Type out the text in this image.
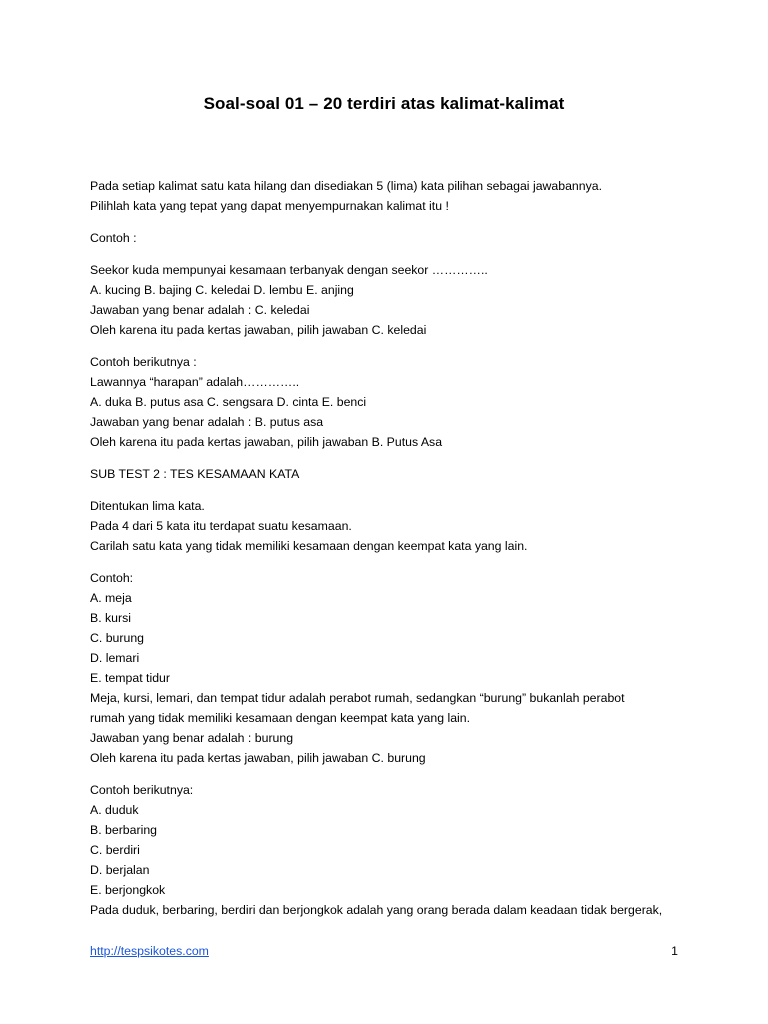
Soal-soal 01 – 20 terdiri atas kalimat-kalimat
Pada setiap kalimat satu kata hilang dan disediakan 5 (lima) kata pilihan sebagai jawabannya.
Pilihlah kata yang tepat yang dapat menyempurnakan kalimat itu !
Contoh :
Seekor kuda mempunyai kesamaan terbanyak dengan seekor …………..
A. kucing B. bajing C. keledai D. lembu E. anjing
Jawaban yang benar adalah : C. keledai
Oleh karena itu pada kertas jawaban, pilih jawaban C. keledai
Contoh berikutnya :
Lawannya “harapan” adalah…………..
A. duka B. putus asa C. sengsara D. cinta E. benci
Jawaban yang benar adalah : B. putus asa
Oleh karena itu pada kertas jawaban, pilih jawaban B. Putus Asa
SUB TEST 2 : TES KESAMAAN KATA
Ditentukan lima kata.
Pada 4 dari 5 kata itu terdapat suatu kesamaan.
Carilah satu kata yang tidak memiliki kesamaan dengan keempat kata yang lain.
Contoh:
A. meja
B. kursi
C. burung
D. lemari
E. tempat tidur
Meja, kursi, lemari, dan tempat tidur adalah perabot rumah, sedangkan “burung” bukanlah perabot
rumah yang tidak memiliki kesamaan dengan keempat kata yang lain.
Jawaban yang benar adalah : burung
Oleh karena itu pada kertas jawaban, pilih jawaban C. burung
Contoh berikutnya:
A. duduk
B. berbaring
C. berdiri
D. berjalan
E. berjongkok
Pada duduk, berbaring, berdiri dan berjongkok adalah yang orang berada dalam keadaan tidak bergerak,
http://tespsikotes.com	1
